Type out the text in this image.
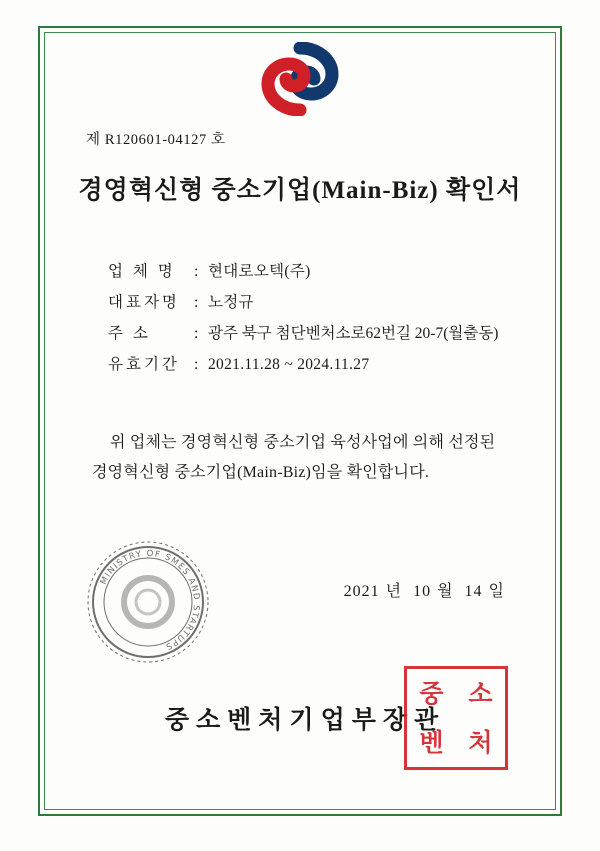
제 R120601-04127 호
경영혁신형 중소기업(Main-Biz) 확인서
업 체 명 : 현대로오텍(주)
대표자명 : 노정규
주 소	: 광주 북구 첨단벤처소로62번길 20-7(월출동)
유효기간 : 2021.11.28 ~ 2024.11.27
위 업체는 경영혁신형 중소기업 육성사업에 의해 선정된 경영혁신형 중소기업(Main-Biz)임을 확인합니다.
MINISTRY OF SMES AND STARTUPS
2021 년 10 월 14 일
중소벤처기업부장관
중 소
벤 처
